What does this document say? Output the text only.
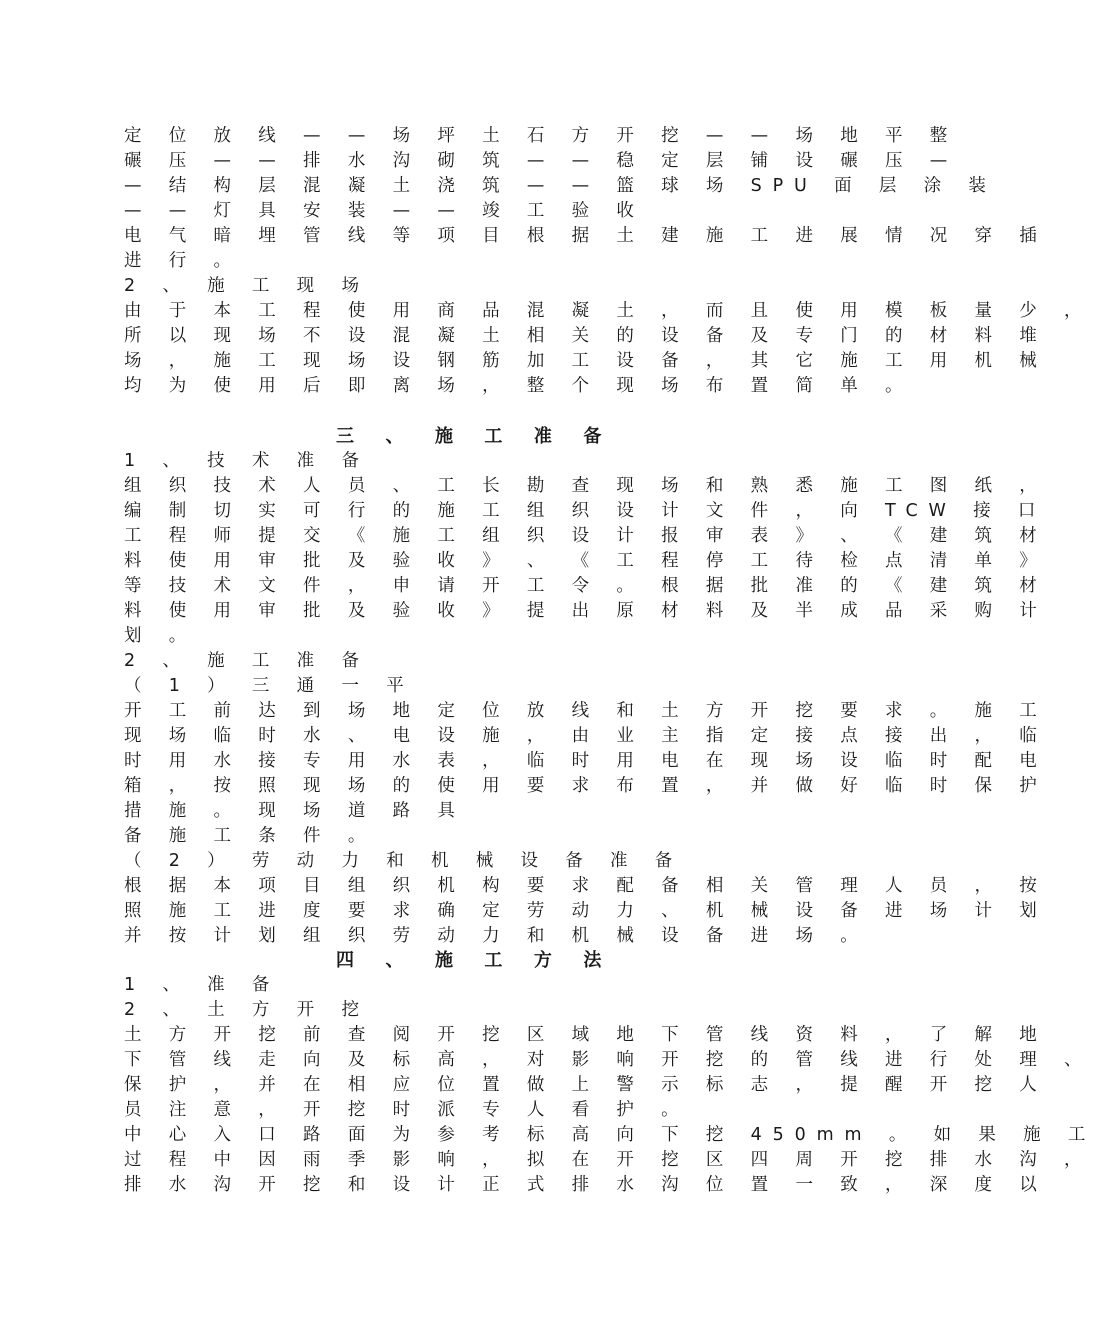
定 位 放 线 — — 场 坪 土 石 方 开 挖 — — 场 地 平 整

碾 压 — — 排 水 沟 砌 筑 — — 稳 定 层 铺 设 碾 压 —

— 结 构 层 混 凝 土 浇 筑 — — 篮 球 场 SPU 面 层 涂 装

— — 灯 具 安 装 — — 竣 工 验 收

电 气 暗 埋 管 线 等 项 目 根 据 土 建 施 工 进 展 情 况 穿 插

进 行 。

2 、 施 工 现 场

由 于 本 工 程 使 用 商 品 混 凝 土 ， 而 且 使 用 模 板 量 少 ，

所 以 现 场 不 设 混 凝 土 相 关 的 设 备 及 专 门 的 材 料 堆

场 ， 施 工 现 场 设 钢 筋 加 工 设 备 ， 其 它 施 工 用 机 械

均 为 使 用 后 即 离 场 ， 整 个 现 场 布 置 简 单 。

三 、 施 工 准 备

1 、 技 术 准 备

组 织 技 术 人 员 、 工 长 勘 查 现 场 和 熟 悉 施 工 图 纸 ，

编 制 切 实 可 行 的 施 工 组 织 设 计 文 件 ， 向 TCW 接 口

工 程 师 提 交 《 施 工 组 织 设 计 报 审 表 》 、 《 建 筑 材

料 使 用 审 批 及 验 收 》 、 《 工 程 停 工 待 检 点 清 单 》

等 技 术 文 件 ， 申 请 开 工 令 。 根 据 批 准 的 《 建 筑 材

料 使 用 审 批 及 验 收 》 提 出 原 材 料 及 半 成 品 采 购 计

划 。

2 、 施 工 准 备

（ 1 ） 三 通 一 平

开 工 前 达 到 场 地 定 位 放 线 和 土 方 开 挖 要 求 。 施 工

现 场 临 时 水 、 电 设 施 ， 由 业 主 指 定 接 点 接 出 ， 临

时 用 水 接 专 用 水 表 ， 临 时 用 电 在 现 场 设 临 时 配 电

箱 ， 按 照 现 场 的 使 用 要 求 布 置 ， 并 做 好 临 时 保 护

措 施 。 现 场 道 路 具

备 施 工 条 件 。

（ 2 ） 劳 动 力 和 机 械 设 备 准 备

根 据 本 项 目 组 织 机 构 要 求 配 备 相 关 管 理 人 员 ， 按

照 施 工 进 度 要 求 确 定 劳 动 力 、 机 械 设 备 进 场 计 划

并 按 计 划 组 织 劳 动 力 和 机 械 设 备 进 场 。

四 、 施 工 方 法

1 、 准 备

2 、 土 方 开 挖

土 方 开 挖 前 查 阅 开 挖 区 域 地 下 管 线 资 料 ， 了 解 地

下 管 线 走 向 及 标 高 ， 对 影 响 开 挖 的 管 线 进 行 处 理 、

保 护 ， 并 在 相 应 位 置 做 上 警 示 标 志 ， 提 醒 开 挖 人

员 注 意 ， 开 挖 时 派 专 人 看 护 。

中 心 入 口 路 面 为 参 考 标 高 向 下 挖 450mm 。 如 果 施 工

过 程 中 因 雨 季 影 响 ， 拟 在 开 挖 区 四 周 开 挖 排 水 沟 ，

排 水 沟 开 挖 和 设 计 正 式 排 水 沟 位 置 一 致 ， 深 度 以
